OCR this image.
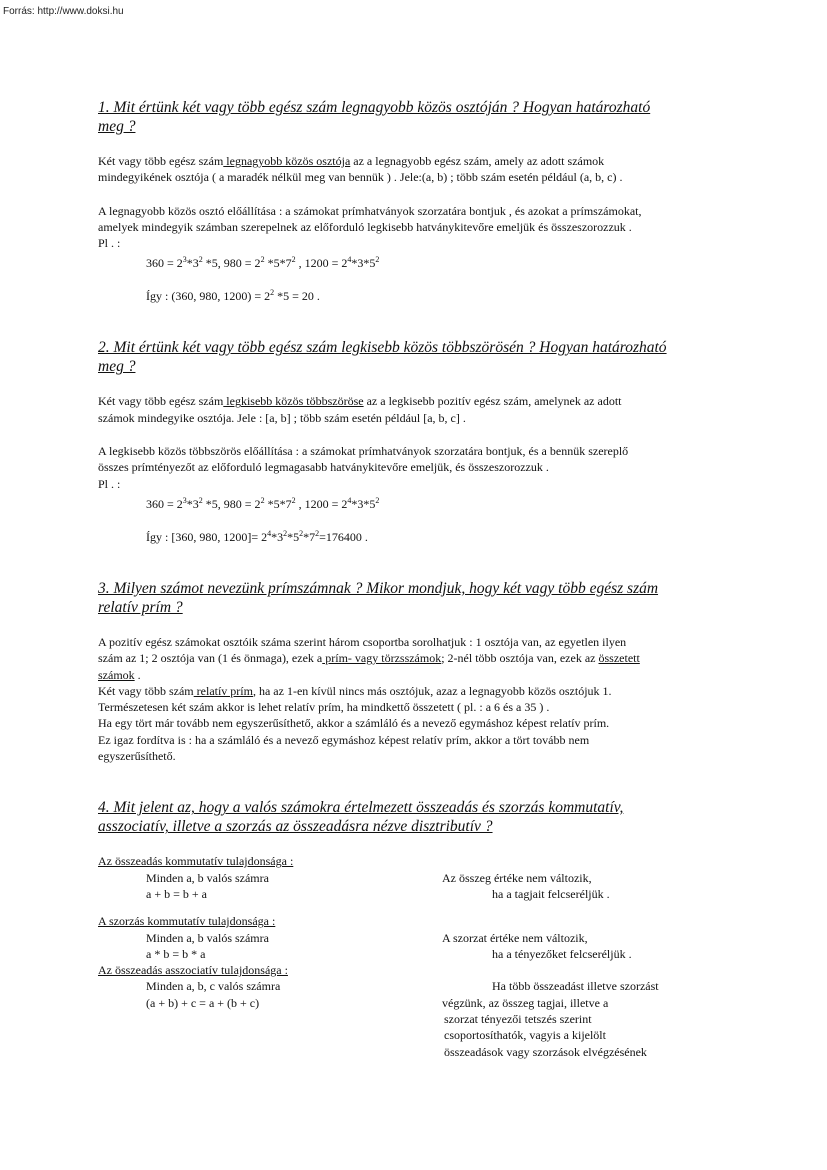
Forrás: http://www.doksi.hu
1. Mit értünk két vagy több egész szám legnagyobb közös osztóján ? Hogyan határozható
meg ?

Két vagy több egész szám legnagyobb közös osztója az a legnagyobb egész szám, amely az adott számok
mindegyikének osztója ( a maradék nélkül meg van bennük ) . Jele:(a, b) ; több szám esetén például (a, b, c) .

A legnagyobb közös osztó előállítása : a számokat prímhatványok szorzatára bontjuk , és azokat a prímszámokat,
amelyek mindegyik számban szerepelnek az előforduló legkisebb hatványkitevőre emeljük és összeszorozzuk .
Pl . :

$360 = 2^3*3^2$ *5, $980 = 2^2$ $*5*7^2$ , $1200 = 2^4*3*5^2$
Így : (360, 980, $1200) = 2^2$ *5 = 20 .
2. Mit értünk két vagy több egész szám legkisebb közös többszörösén ? Hogyan határozható
meg ?

Két vagy több egész szám legkisebb közös többszöröse az a legkisebb pozitív egész szám, amelynek az adott
számok mindegyike osztója. Jele : [a, b] ; több szám esetén például [a, b, c] .

A legkisebb közös többszörös előállítása : a számokat prímhatványok szorzatára bontjuk, és a bennük szereplő
összes prímtényezőt az előforduló legmagasabb hatványkitevőre emeljük, és összeszorozzuk .
Pl . :

$360 = 2^3*3^2$ *5, $980 = 2^2$ $*5*7^2$ , $1200 = 2^4*3*5^2$
Így : [360, 980, $1200]= 2^4*3^2*5^2*7^2=176400$ .
3. Milyen számot nevezünk prímszámnak ? Mikor mondjuk, hogy két vagy több egész szám
relatív prím ?

A pozitív egész számokat osztóik száma szerint három csoportba sorolhatjuk : 1 osztója van, az egyetlen ilyen
szám az 1; 2 osztója van (1 és önmaga), ezek a prím- vagy törzsszámok; 2-nél több osztója van, ezek az összetett
számok .
Két vagy több szám relatív prím, ha az 1-en kívül nincs más osztójuk, azaz a legnagyobb közös osztójuk 1.
Természetesen két szám akkor is lehet relatív prím, ha mindkettő összetett ( pl. : a 6 és a 35 ) .
Ha egy tört már tovább nem egyszerűsíthető, akkor a számláló és a nevező egymáshoz képest relatív prím.
Ez igaz fordítva is : ha a számláló és a nevező egymáshoz képest relatív prím, akkor a tört tovább nem
egyszerűsíthető.

4. Mit jelent az, hogy a valós számokra értelmezett összeadás és szorzás kommutatív,
asszociatív, illetve a szorzás az összeadásra nézve disztributív ?

Az összeadás kommutatív tulajdonsága :

Minden a, b valós számra	Az összeg értéke nem változik,
a + b = b + a	ha a tagjait felcseréljük .

A szorzás kommutatív tulajdonsága :

Minden a, b valós számra	A szorzat értéke nem változik,
a * b = b * a	ha a tényezőket felcseréljük .

Az összeadás asszociatív tulajdonsága :

Minden a, b, c valós számra	Ha több összeadást illetve szorzást
(a + b) + c = a + (b + c)	végzünk, az összeg tagjai, illetve a
szorzat tényezői tetszés szerint
csoportosíthatók, vagyis a kijelölt
összeadások vagy szorzások elvégzésének
